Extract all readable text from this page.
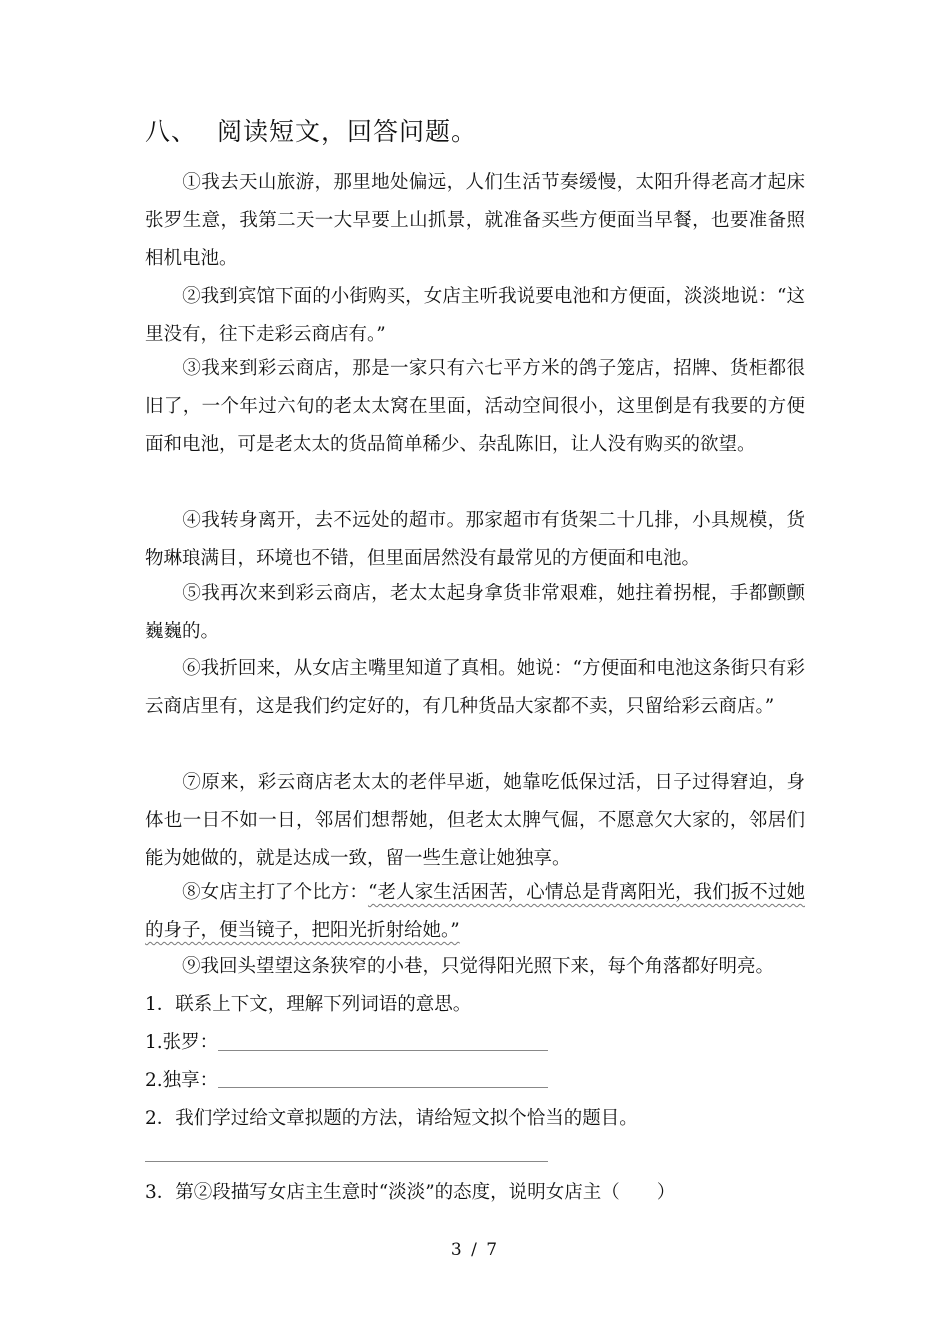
八、 阅读短文，回答问题。
①我去天山旅游，那里地处偏远，人们生活节奏缓慢，太阳升得老高才起床张罗生意，我第二天一大早要上山抓景，就准备买些方便面当早餐，也要准备照相机电池。
②我到宾馆下面的小街购买，女店主听我说要电池和方便面，淡淡地说：“这里没有，往下走彩云商店有。”
③我来到彩云商店，那是一家只有六七平方米的鸽子笼店，招牌、货柜都很旧了，一个年过六旬的老太太窝在里面，活动空间很小，这里倒是有我要的方便面和电池，可是老太太的货品简单稀少、杂乱陈旧，让人没有购买的欲望。
④我转身离开，去不远处的超市。那家超市有货架二十几排，小具规模，货物琳琅满目，环境也不错，但里面居然没有最常见的方便面和电池。
⑤我再次来到彩云商店，老太太起身拿货非常艰难，她拄着拐棍，手都颤颤巍巍的。
⑥我折回来，从女店主嘴里知道了真相。她说：“方便面和电池这条街只有彩云商店里有，这是我们约定好的，有几种货品大家都不卖，只留给彩云商店。”
⑦原来，彩云商店老太太的老伴早逝，她靠吃低保过活，日子过得窘迫，身体也一日不如一日，邻居们想帮她，但老太太脾气倔，不愿意欠大家的，邻居们能为她做的，就是达成一致，留一些生意让她独享。
⑧女店主打了个比方：“老人家生活困苦，心情总是背离阳光，我们扳不过她的身子，便当镜子，把阳光折射给她。”
⑨我回头望望这条狭窄的小巷，只觉得阳光照下来，每个角落都好明亮。
1．联系上下文，理解下列词语的意思。
1.张罗：
2.独享：
2．我们学过给文章拟题的方法，请给短文拟个恰当的题目。
3．第②段描写女店主生意时“淡淡”的态度，说明女店主（　　）
3 / 7
